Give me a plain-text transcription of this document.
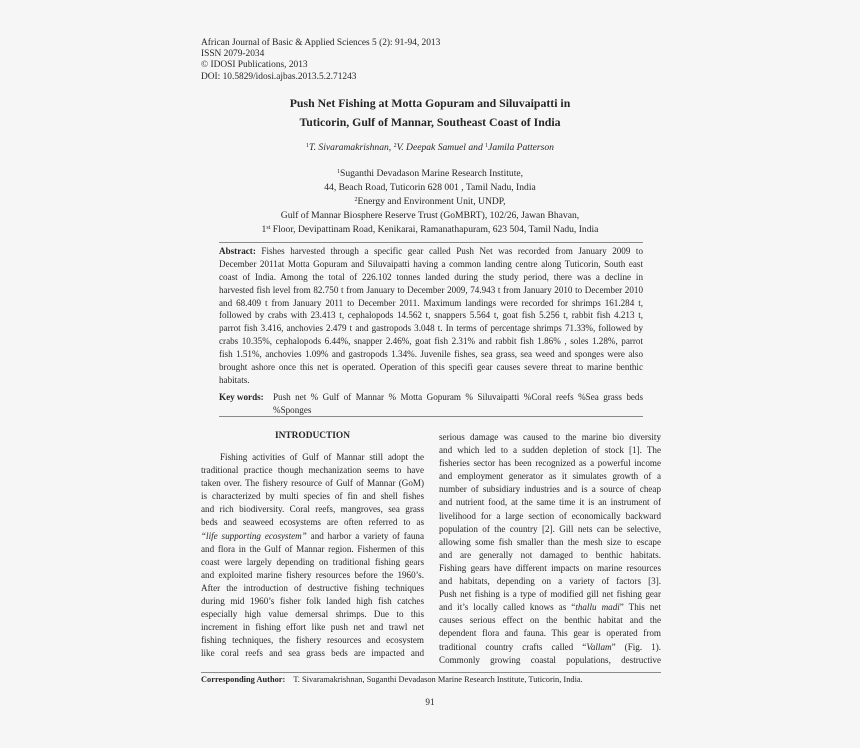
African Journal of Basic & Applied Sciences 5 (2): 91-94, 2013
ISSN 2079-2034
© IDOSI Publications, 2013
DOI: 10.5829/idosi.ajbas.2013.5.2.71243
Push Net Fishing at Motta Gopuram and Siluvaipatti in
Tuticorin, Gulf of Mannar, Southeast Coast of India
$^1$T. Sivaramakrishnan, $^2$V. Deepak Samuel and $^1$Jamila Patterson
$^1$Suganthi Devadason Marine Research Institute,
44, Beach Road, Tuticorin 628 001 , Tamil Nadu, India
$^2$Energy and Environment Unit, UNDP,
Gulf of Mannar Biosphere Reserve Trust (GoMBRT), 102/26, Jawan Bhavan,
1st Floor, Devipattinam Road, Kenikarai, Ramanathapuram, 623 504, Tamil Nadu, India
Abstract: Fishes harvested through a specific gear called Push Net was recorded from January 2009 to
December 2011at Motta Gopuram and Siluvaipatti having a common landing centre along Tuticorin, South east
coast of India. Among the total of 226.102 tonnes landed during the study period, there was a decline in
harvested fish level from 82.750 t from January to December 2009, 74.943 t from January 2010 to December 2010
and 68.409 t from January 2011 to December 2011. Maximum landings were recorded for shrimps 161.284 t,
followed by crabs with 23.413 t, cephalopods 14.562 t, snappers 5.564 t, goat fish 5.256 t, rabbit fish 4.213 t,
parrot fish 3.416, anchovies 2.479 t and gastropods 3.048 t. In terms of percentage shrimps 71.33%, followed by
crabs 10.35%, cephalopods 6.44%, snapper 2.46%, goat fish 2.31% and rabbit fish 1.86% , soles 1.28%, parrot
fish 1.51%, anchovies 1.09% and gastropods 1.34%. Juvenile fishes, sea grass, sea weed and sponges were also
brought ashore once this net is operated. Operation of this specifi gear causes severe threat to marine benthic
habitats.
Key words: Push net % Gulf of Mannar % Motta Gopuram % Siluvaipatti %Coral reefs %Sea grass beds
%Sponges
INTRODUCTION
Fishing activities of Gulf of Mannar still adopt the
traditional practice though mechanization seems to have
taken over. The fishery resource of Gulf of Mannar (GoM)
is characterized by multi species of fin and shell fishes
and rich biodiversity. Coral reefs, mangroves, sea grass
beds and seaweed ecosystems are often referred to as
“life supporting ecosystem” and harbor a variety of fauna
and flora in the Gulf of Mannar region. Fishermen of this
coast were largely depending on traditional fishing gears
and exploited marine fishery resources before the 1960’s.
After the introduction of destructive fishing techniques
during mid 1960’s fisher folk landed high fish catches
especially high value demersal shrimps. Due to this
increment in fishing effort like push net and trawl net
fishing techniques, the fishery resources and ecosystem
like coral reefs and sea grass beds are impacted and
serious damage was caused to the marine bio diversity
and which led to a sudden depletion of stock [1]. The
fisheries sector has been recognized as a powerful income
and employment generator as it simulates growth of a
number of subsidiary industries and is a source of cheap
and nutrient food, at the same time it is an instrument of
livelihood for a large section of economically backward
population of the country [2]. Gill nets can be selective,
allowing some fish smaller than the mesh size to escape
and are generally not damaged to benthic habitats.
Fishing gears have different impacts on marine resources
and habitats, depending on a variety of factors [3].
Push net fishing is a type of modified gill net fishing gear
and it’s locally called knows as “thallu madi” This net
causes serious effect on the benthic habitat and the
dependent flora and fauna. This gear is operated from
traditional country crafts called “Vallam” (Fig. 1).
Commonly growing coastal populations, destructive
Corresponding Author: T. Sivaramakrishnan, Suganthi Devadason Marine Research Institute, Tuticorin, India.
91
